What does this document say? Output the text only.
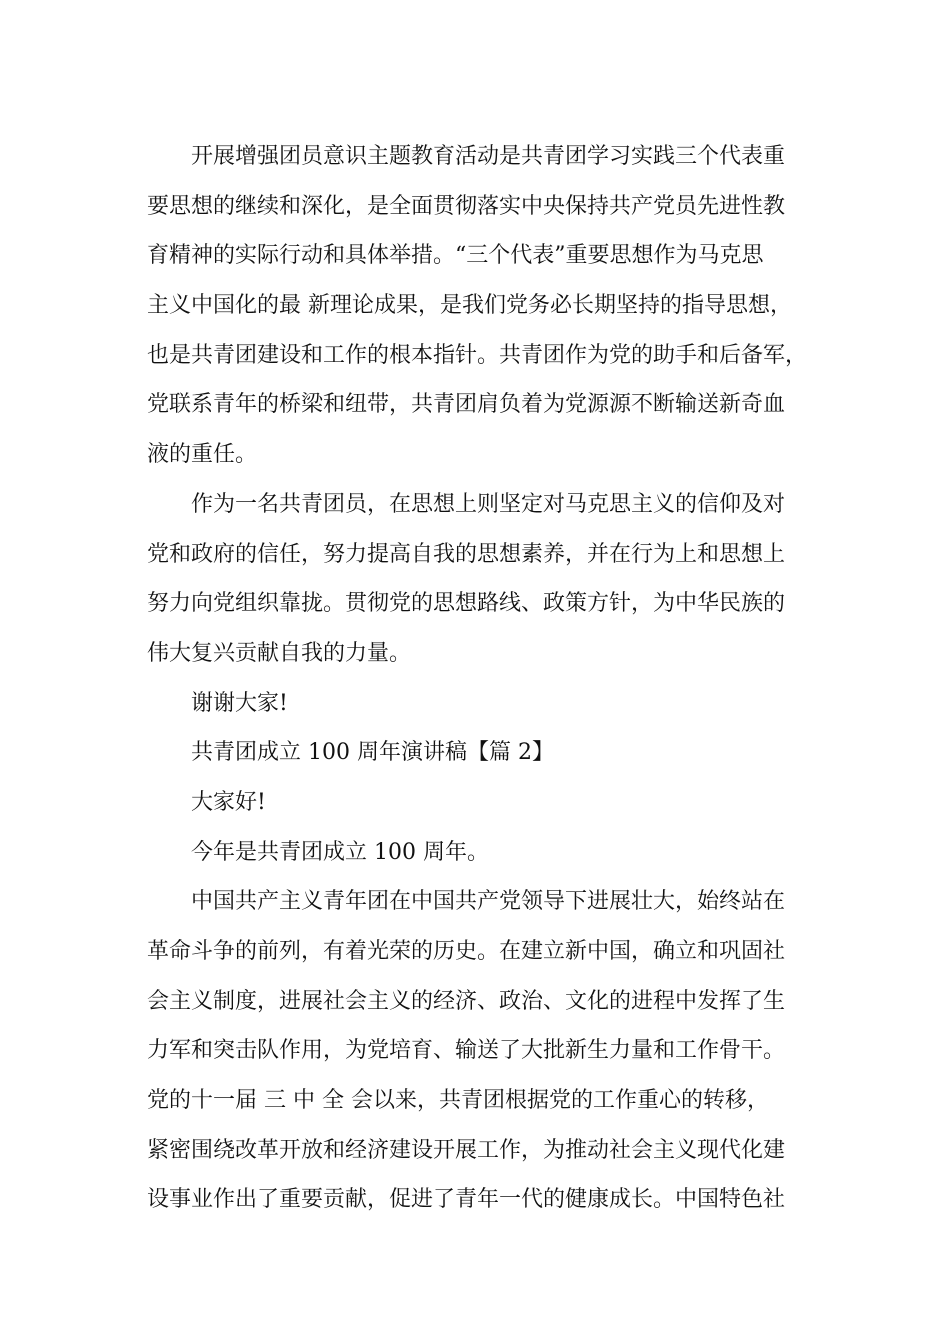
开展增强团员意识主题教育活动是共青团学习实践三个代表重
要思想的继续和深化，是全面贯彻落实中央保持共产党员先进性教
育精神的实际行动和具体举措。“三个代表”重要思想作为马克思
主义中国化的最 新理论成果，是我们党务必长期坚持的指导思想，
也是共青团建设和工作的根本指针。共青团作为党的助手和后备军，
党联系青年的桥梁和纽带，共青团肩负着为党源源不断输送新奇血
液的重任。
作为一名共青团员，在思想上则坚定对马克思主义的信仰及对
党和政府的信任，努力提高自我的思想素养，并在行为上和思想上
努力向党组织靠拢。贯彻党的思想路线、政策方针，为中华民族的
伟大复兴贡献自我的力量。
谢谢大家!
共青团成立 100 周年演讲稿【篇 2】
大家好!
今年是共青团成立 100 周年。
中国共产主义青年团在中国共产党领导下进展壮大，始终站在
革命斗争的前列，有着光荣的历史。在建立新中国，确立和巩固社
会主义制度，进展社会主义的经济、政治、文化的进程中发挥了生
力军和突击队作用，为党培育、输送了大批新生力量和工作骨干。
党的十一届 三 中 全 会以来，共青团根据党的工作重心的转移，
紧密围绕改革开放和经济建设开展工作，为推动社会主义现代化建
设事业作出了重要贡献，促进了青年一代的健康成长。中国特色社
